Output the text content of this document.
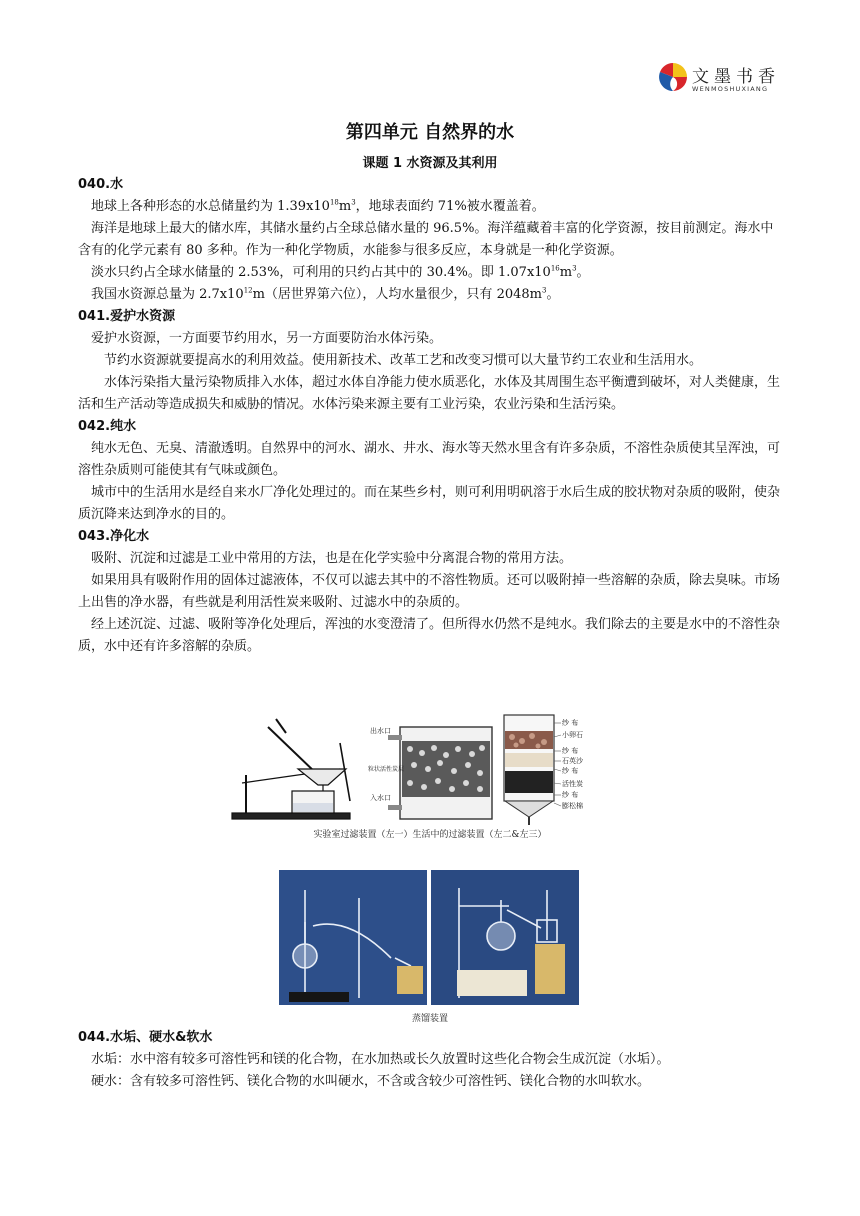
文墨书香
WENMOSHUXIANG
第四单元 自然界的水
课题 1 水资源及其利用
040.水

地球上各种形态的水总储量约为 $1.39x10^{18}m^3$，地球表面约 71%被水覆盖着。

海洋是地球上最大的储水库，其储水量约占全球总储水量的 96.5%。海洋蕴藏着丰富的化学资源，按目前测定。海水中含有的化学元素有 80 多种。作为一种化学物质，水能参与很多反应，本身就是一种化学资源。

淡水只约占全球水储量的 2.53%，可利用的只约占其中的 30.4%。即 $1.07x10^{16}m^3$。

我国水资源总量为 $2.7x10^{12}m$（居世界第六位），人均水量很少，只有 $2048m^3$。

041.爱护水资源

爱护水资源，一方面要节约用水，另一方面要防治水体污染。

节约水资源就要提高水的利用效益。使用新技术、改革工艺和改变习惯可以大量节约工农业和生活用水。

水体污染指大量污染物质排入水体，超过水体自净能力使水质恶化，水体及其周围生态平衡遭到破坏，对人类健康，生活和生产活动等造成损失和威胁的情况。水体污染来源主要有工业污染，农业污染和生活污染。

042.纯水

纯水无色、无臭、清澈透明。自然界中的河水、湖水、井水、海水等天然水里含有许多杂质，不溶性杂质使其呈浑浊，可溶性杂质则可能使其有气味或颜色。

城市中的生活用水是经自来水厂净化处理过的。而在某些乡村，则可利用明矾溶于水后生成的胶状物对杂质的吸附，使杂质沉降来达到净水的目的。

043.净化水

吸附、沉淀和过滤是工业中常用的方法，也是在化学实验中分离混合物的常用方法。

如果用具有吸附作用的固体过滤液体，不仅可以滤去其中的不溶性物质。还可以吸附掉一些溶解的杂质，除去臭味。市场上出售的净水器，有些就是利用活性炭来吸附、过滤水中的杂质的。

经上述沉淀、过滤、吸附等净化处理后，浑浊的水变澄清了。但所得水仍然不是纯水。我们除去的主要是水中的不溶性杂质，水中还有许多溶解的杂质。

出水口
入水口
粒状活性炭层
纱 布
小卵石
纱 布
石英沙
纱 布
活性炭
纱 布
膨松棉
实验室过滤装置（左一）生活中的过滤装置（左二&左三）
蒸馏装置
044.水垢、硬水&软水

水垢：水中溶有较多可溶性钙和镁的化合物，在水加热或长久放置时这些化合物会生成沉淀（水垢）。

硬水：含有较多可溶性钙、镁化合物的水叫硬水，不含或含较少可溶性钙、镁化合物的水叫软水。
